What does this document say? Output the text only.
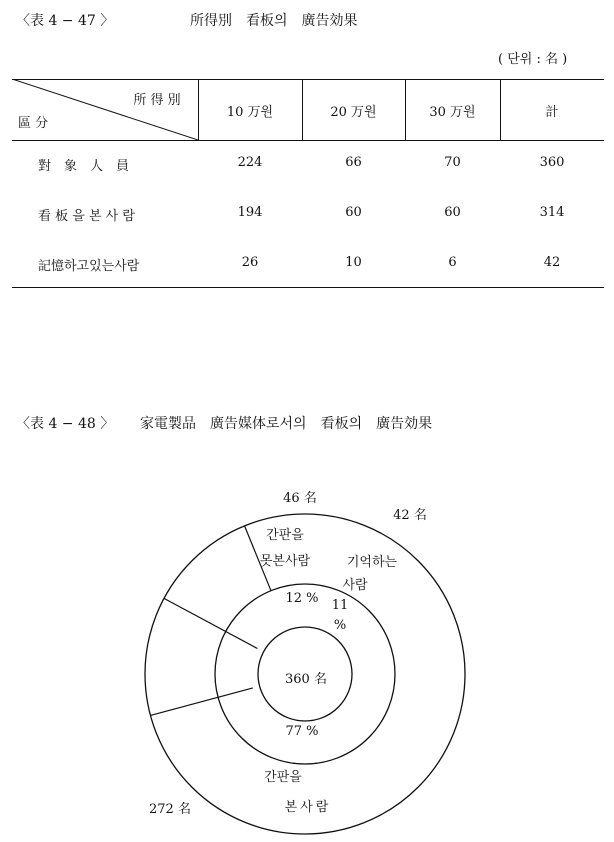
〈表 4 − 47 〉	所得別　看板의　廣告効果
( 단위 : 名 )
所 得 別
區 分
10 万원	20 万원	30 万원	計
對　象　人　員	224	66	70	360
看 板 을 본 사 람	194	60	60	314
記憶하고있는사람	26	10	6	42
〈表 4 − 48 〉 家電製品　廣告媒体로서의　看板의　廣告効果
46 名
42 名
272 名
간판을
못본사람	기억하는
사람
간판을
본사람
12 %	11 %
77 %
360 名
